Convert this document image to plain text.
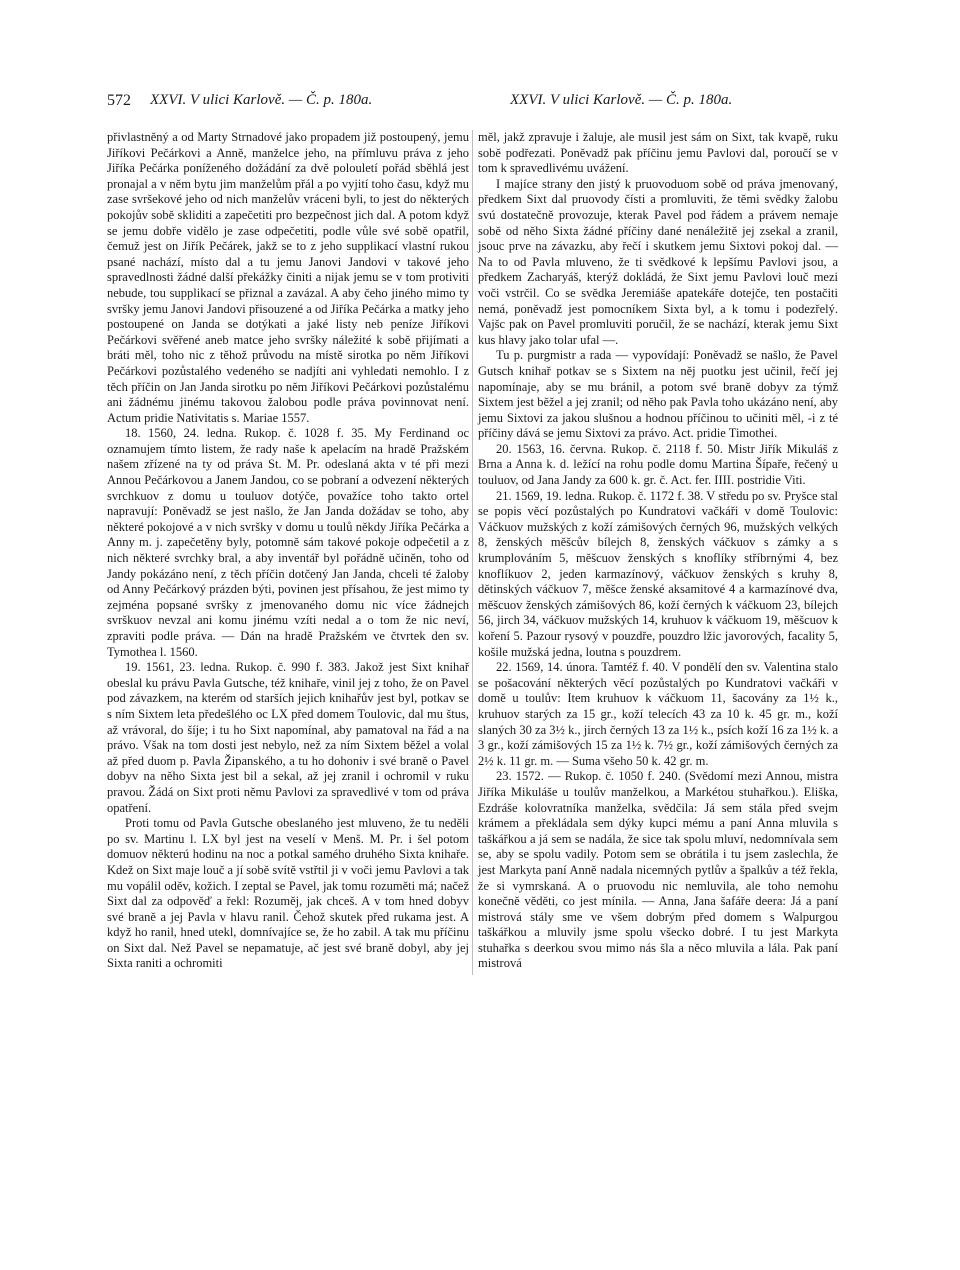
572 XXVI. V ulici Karlově. — Č. p. 180a.	XXVI. V ulici Karlově. — Č. p. 180a.

přivlastněný a od Marty Strnadové jako propadem již postoupený, jemu Jiříkovi Pečárkovi a Anně, manželce jeho, na přímluvu práva z jeho Jiříka Pečárka poníženého dožádání za dvě polouletí pořád sběhlá jest pronajal a v něm bytu jim manželům přál a po vyjití toho času, když mu zase svršekové jeho od nich manželův vráceni byli, to jest do některých pokojův sobě skliditi a zapečetiti pro bezpečnost jich dal. A potom když se jemu dobře vidělo je zase odpečetiti, podle vůle své sobě opatřil, čemuž jest on Jiřík Pečárek, jakž se to z jeho supplikací vlastní rukou psané nachází, místo dal a tu jemu Janovi Jandovi v takové jeho spravedlnosti žádné další překážky činiti a nijak jemu se v tom protiviti nebude, tou supplikací se přiznal a zavázal. A aby čeho jiného mimo ty svršky jemu Janovi Jandovi přisouzené a od Jiříka Pečárka a matky jeho postoupené on Janda se dotýkati a jaké listy neb peníze Jiříkovi Pečárkovi svěřené aneb matce jeho svršky náležité k sobě přijímati a bráti měl, toho nic z těhož průvodu na místě sirotka po něm Jiříkovi Pečárkovi pozůstalého vedeného se nadjíti ani vyhledati nemohlo. I z těch příčin on Jan Janda sirotku po něm Jiříkovi Pečárkovi pozůstalému ani žádnému jinému takovou žalobou podle práva povinnovat není. Actum pridie Nativitatis s. Mariae 1557.

18. 1560, 24. ledna. Rukop. č. 1028 f. 35. My Ferdinand oc oznamujem tímto listem, že rady naše k apelacím na hradě Pražském našem zřízené na ty od práva St. M. Pr. odeslaná akta v té při mezi Annou Pečárkovou a Janem Jandou, co se pobraní a odvezení některých svrchkuov z domu u touluov dotýče, považíce toho takto ortel napravují: Poněvadž se jest našlo, že Jan Janda dožádav se toho, aby některé pokojové a v nich svršky v domu u toulů někdy Jiříka Pečárka a Anny m. j. zapečetěny byly, potomně sám takové pokoje odpečetil a z nich některé svrchky bral, a aby inventář byl pořádně učiněn, toho od Jandy pokázáno není, z těch příčin dotčený Jan Janda, chceli té žaloby od Anny Pečárkový prázden býti, povinen jest přísahou, že jest mimo ty zejména popsané svršky z jmenovaného domu nic více žádnejch svrškuov nevzal ani komu jinému vzíti nedal a o tom že nic neví, zpraviti podle práva. — Dán na hradě Pražském ve čtvrtek den sv. Tymothea l. 1560.

19. 1561, 23. ledna. Rukop. č. 990 f. 383. Jakož jest Sixt knihař obeslal ku právu Pavla Gutsche, též knihaře, vinil jej z toho, že on Pavel pod závazkem, na kterém od starších jejich knihařův jest byl, potkav se s ním Sixtem leta předešlého oc LX před domem Toulovic, dal mu štus, až vrávoral, do šíje; i tu ho Sixt napomínal, aby pamatoval na řád a na právo. Však na tom dosti jest nebylo, než za ním Sixtem běžel a volal až před duom p. Pavla Žipanského, a tu ho dohoniv i své braně o Pavel dobyv na něho Sixta jest bil a sekal, až jej zranil i ochromil v ruku pravou. Žádá on Sixt proti němu Pavlovi za spravedlivé v tom od práva opatření.

Proti tomu od Pavla Gutsche obeslaného jest mluveno, že tu neděli po sv. Martinu l. LX byl jest na veselí v Menš. M. Pr. i šel potom domuov některú hodinu na noc a potkal samého druhého Sixta knihaře. Kdež on Sixt maje louč a jí sobě svítě vstřtil ji v voči jemu Pavlovi a tak mu vopálil oděv, kožich. I zeptal se Pavel, jak tomu rozuměti má; načež Sixt dal za odpověď a řekl: Rozuměj, jak chceš. A v tom hned dobyv své braně a jej Pavla v hlavu ranil. Čehož skutek před rukama jest. A když ho ranil, hned utekl, domnívajíce se, že ho zabil. A tak mu příčinu on Sixt dal. Než Pavel se nepamatuje, ač jest své braně dobyl, aby jej Sixta raniti a ochromiti

měl, jakž zpravuje i žaluje, ale musil jest sám on Sixt, tak kvapě, ruku sobě podřezati. Poněvadž pak příčinu jemu Pavlovi dal, poroučí se v tom k spravedlivému uvážení.

I majíce strany den jistý k pruovoduom sobě od práva jmenovaný, předkem Sixt dal pruovody čísti a promluviti, že těmi svědky žalobu svú dostatečně provozuje, kterak Pavel pod řádem a právem nemaje sobě od něho Sixta žádné příčiny dané nenáležitě jej zsekal a zranil, jsouc prve na závazku, aby řečí i skutkem jemu Sixtovi pokoj dal. — Na to od Pavla mluveno, že ti svědkové k lepšímu Pavlovi jsou, a předkem Zacharyáš, kterýž dokládá, že Sixt jemu Pavlovi louč mezi voči vstrčil. Co se svědka Jeremiáše apatekáře dotejče, ten postačiti nemá, poněvadž jest pomocníkem Sixta byl, a k tomu i podezřelý. Vajšc pak on Pavel promluviti poručil, že se nachází, kterak jemu Sixt kus hlavy jako tolar ufal —.

Tu p. purgmistr a rada — vypovídají: Poněvadž se našlo, že Pavel Gutsch knihař potkav se s Sixtem na něj puotku jest učinil, řečí jej napomínaje, aby se mu bránil, a potom své braně dobyv za týmž Sixtem jest běžel a jej zranil; od něho pak Pavla toho ukázáno není, aby jemu Sixtovi za jakou slušnou a hodnou příčinou to učiniti měl, -i z té příčiny dává se jemu Sixtovi za právo. Act. pridie Timothei.

20. 1563, 16. června. Rukop. č. 2118 f. 50. Mistr Jiřík Mikuláš z Brna a Anna k. d. ležící na rohu podle domu Martina Šípaře, řečený u touluov, od Jana Jandy za 600 k. gr. č. Act. fer. IIII. postridie Viti.

21. 1569, 19. ledna. Rukop. č. 1172 f. 38. V středu po sv. Pryšce stal se popis věcí pozůstalých po Kundratovi vačkáři v domě Toulovic: Váčkuov mužských z koží zámišových černých 96, mužských velkých 8, ženských měšcův bílejch 8, ženských váčkuov s zámky a s krumplováním 5, měšcuov ženských s knoflíky stříbrnými 4, bez knoflíkuov 2, jeden karmazínový, váčkuov ženských s kruhy 8, dětinských váčkuov 7, měšce ženské aksamitové 4 a karmazínové dva, měšcuov ženských zámišových 86, koží černých k váčkuom 23, bílejch 56, jirch 34, váčkuov mužských 14, kruhuov k váčkuom 19, měšcuov k koření 5. Pazour rysový v pouzdře, pouzdro lžic javorových, facality 5, košile mužská jedna, loutna s pouzdrem.

22. 1569, 14. února. Tamtéž f. 40. V pondělí den sv. Valentina stalo se pošacování některých věcí pozůstalých po Kundratovi vačkáři v domě u toulův: Item kruhuov k váčkuom 11, šacovány za 1½ k., kruhuov starých za 15 gr., koží telecích 43 za 10 k. 45 gr. m., koží slaných 30 za 3½ k., jirch černých 13 za 1½ k., psích koží 16 za 1½ k. a 3 gr., koží zámišových 15 za 1½ k. 7½ gr., koží zámišových černých za 2½ k. 11 gr. m. — Suma všeho 50 k. 42 gr. m.

23. 1572. — Rukop. č. 1050 f. 240. (Svědomí mezi Annou, mistra Jiříka Mikuláše u toulův manželkou, a Markétou stuhařkou.). Eliška, Ezdráše kolovratníka manželka, svědčila: Já sem stála před svejm krámem a překládala sem dýky kupci mému a paní Anna mluvila s taškářkou a já sem se nadála, že sice tak spolu mluví, nedomnívala sem se, aby se spolu vadily. Potom sem se obrátila i tu jsem zaslechla, že jest Markyta paní Anně nadala nicemných pytlův a špalkův a též řekla, že si vymrskaná. A o pruovodu nic nemluvila, ale toho nemohu konečně věděti, co jest mínila. — Anna, Jana šafáře deera: Já a paní mistrová stály sme ve všem dobrým před domem s Walpurgou taškářkou a mluvily jsme spolu všecko dobré. I tu jest Markyta stuhařka s deerkou svou mimo nás šla a něco mluvila a lála. Pak paní mistrová
